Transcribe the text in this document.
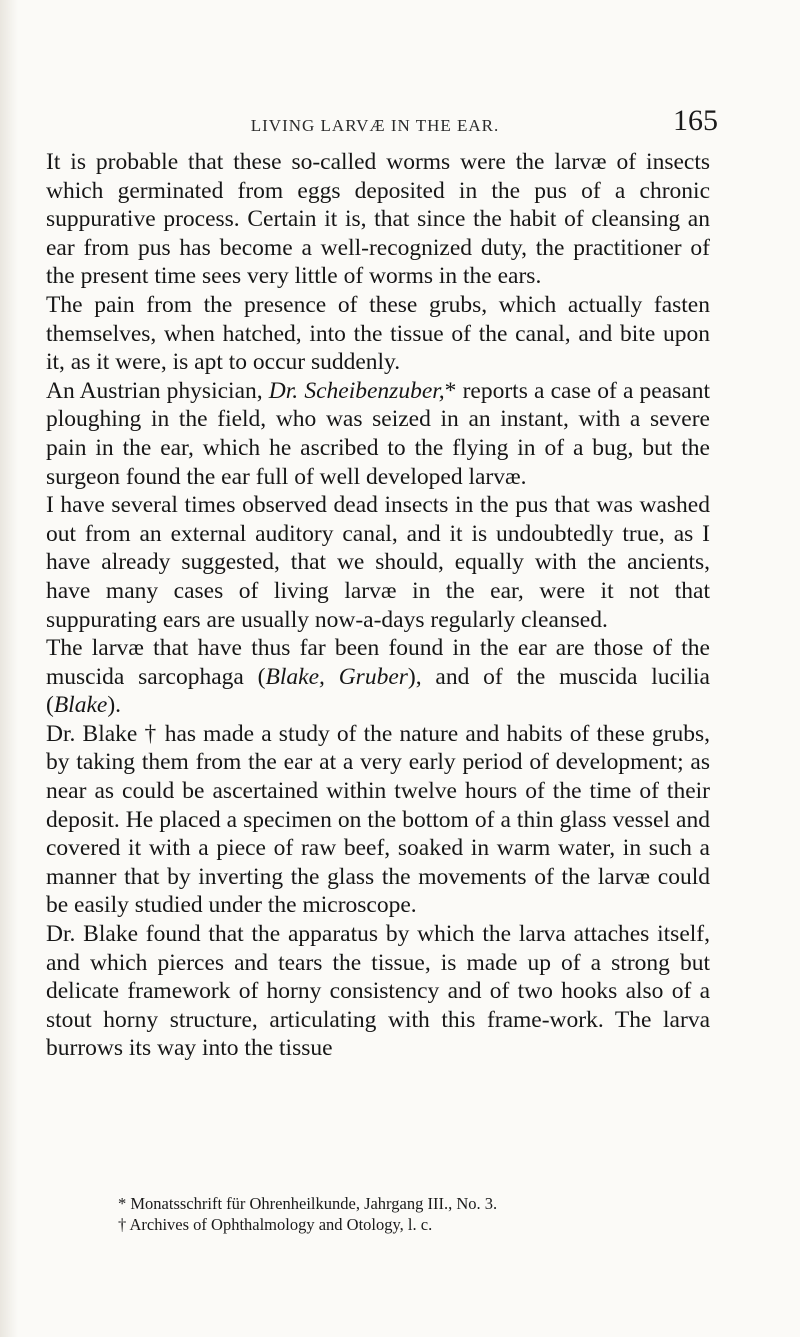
LIVING LARVÆ IN THE EAR.	165

It is probable that these so-called worms were the larvæ of insects which germinated from eggs deposited in the pus of a chronic suppurative process. Certain it is, that since the habit of cleansing an ear from pus has become a well-recognized duty, the practitioner of the present time sees very little of worms in the ears.

The pain from the presence of these grubs, which actually fasten themselves, when hatched, into the tissue of the canal, and bite upon it, as it were, is apt to occur suddenly.

An Austrian physician, Dr. Scheibenzuber,* reports a case of a peasant ploughing in the field, who was seized in an instant, with a severe pain in the ear, which he ascribed to the flying in of a bug, but the surgeon found the ear full of well developed larvæ.

I have several times observed dead insects in the pus that was washed out from an external auditory canal, and it is undoubtedly true, as I have already suggested, that we should, equally with the ancients, have many cases of living larvæ in the ear, were it not that suppurating ears are usually now-a-days regularly cleansed.

The larvæ that have thus far been found in the ear are those of the muscida sarcophaga (Blake, Gruber), and of the muscida lucilia (Blake).

Dr. Blake † has made a study of the nature and habits of these grubs, by taking them from the ear at a very early period of development; as near as could be ascertained within twelve hours of the time of their deposit. He placed a specimen on the bottom of a thin glass vessel and covered it with a piece of raw beef, soaked in warm water, in such a manner that by inverting the glass the movements of the larvæ could be easily studied under the microscope.

Dr. Blake found that the apparatus by which the larva attaches itself, and which pierces and tears the tissue, is made up of a strong but delicate framework of horny consistency and of two hooks also of a stout horny structure, articulating with this frame-work. The larva burrows its way into the tissue

* Monatsschrift für Ohrenheilkunde, Jahrgang III., No. 3.
† Archives of Ophthalmology and Otology, l. c.
